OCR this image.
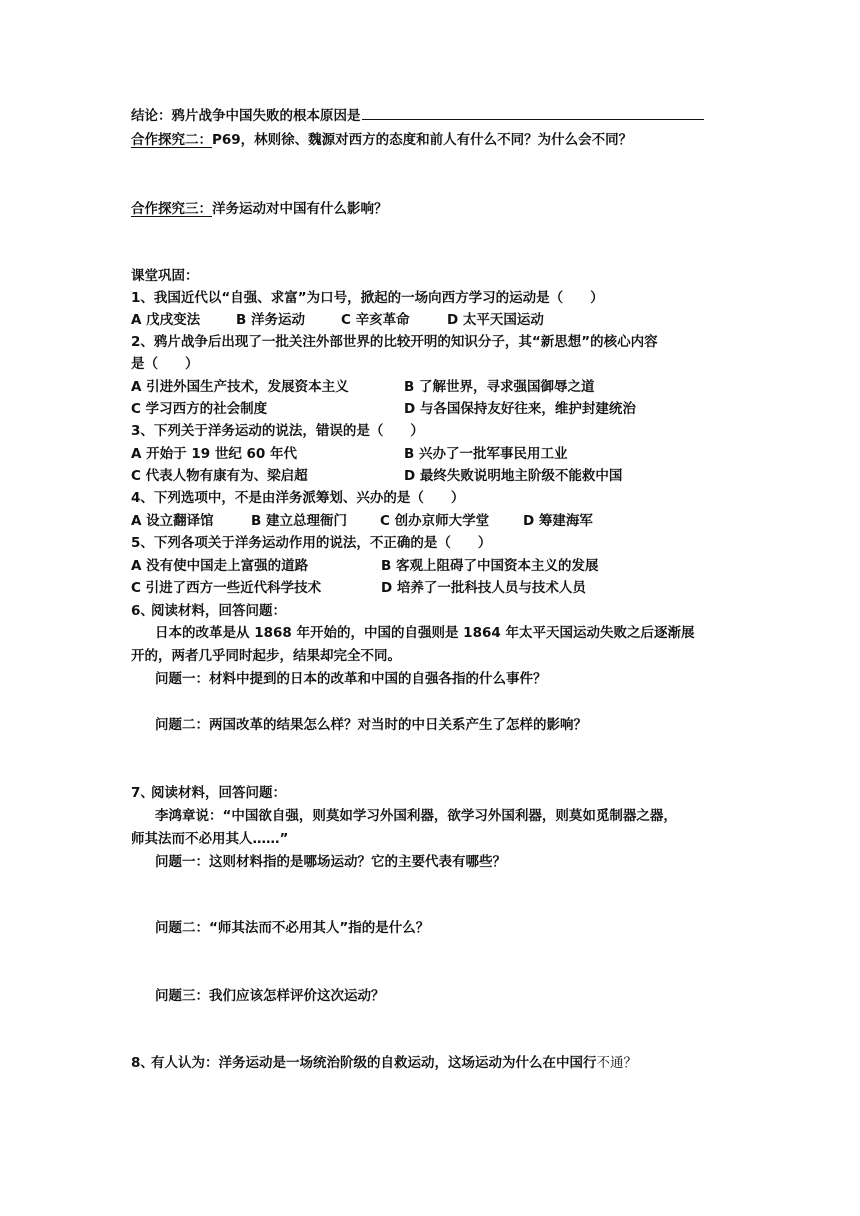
结论：鸦片战争中国失败的根本原因是
合作探究二：P69，林则徐、魏源对西方的态度和前人有什么不同？为什么会不同？
合作探究三：洋务运动对中国有什么影响？
课堂巩固：
1、我国近代以“自强、求富”为口号，掀起的一场向西方学习的运动是（　　）
A 戊戌变法	B 洋务运动	C 辛亥革命	D 太平天国运动
2、鸦片战争后出现了一批关注外部世界的比较开明的知识分子，其“新思想”的核心内容
是（　　）
A 引进外国生产技术，发展资本主义	B 了解世界，寻求强国御辱之道
C 学习西方的社会制度	D 与各国保持友好往来，维护封建统治
3、下列关于洋务运动的说法，错误的是（　　）
A 开始于 19 世纪 60 年代	B 兴办了一批军事民用工业
C 代表人物有康有为、梁启超	D 最终失败说明地主阶级不能救中国
4、下列选项中，不是由洋务派筹划、兴办的是（　　）
A 设立翻译馆	B 建立总理衙门 C 创办京师大学堂	D 筹建海军
5、下列各项关于洋务运动作用的说法，不正确的是（　　）
A 没有使中国走上富强的道路	B 客观上阻碍了中国资本主义的发展
C 引进了西方一些近代科学技术	D 培养了一批科技人员与技术人员
6、阅读材料，回答问题：
日本的改革是从 1868 年开始的，中国的自强则是 1864 年太平天国运动失败之后逐渐展
开的，两者几乎同时起步，结果却完全不同。
问题一：材料中提到的日本的改革和中国的自强各指的什么事件？
问题二：两国改革的结果怎么样？对当时的中日关系产生了怎样的影响？
7、阅读材料，回答问题：
李鸿章说：“中国欲自强，则莫如学习外国利器，欲学习外国利器，则莫如觅制器之器，
师其法而不必用其人……”
问题一：这则材料指的是哪场运动？它的主要代表有哪些？
问题二：“师其法而不必用其人”指的是什么？
问题三：我们应该怎样评价这次运动？
8、有人认为：洋务运动是一场统治阶级的自救运动，这场运动为什么在中国行不通？
